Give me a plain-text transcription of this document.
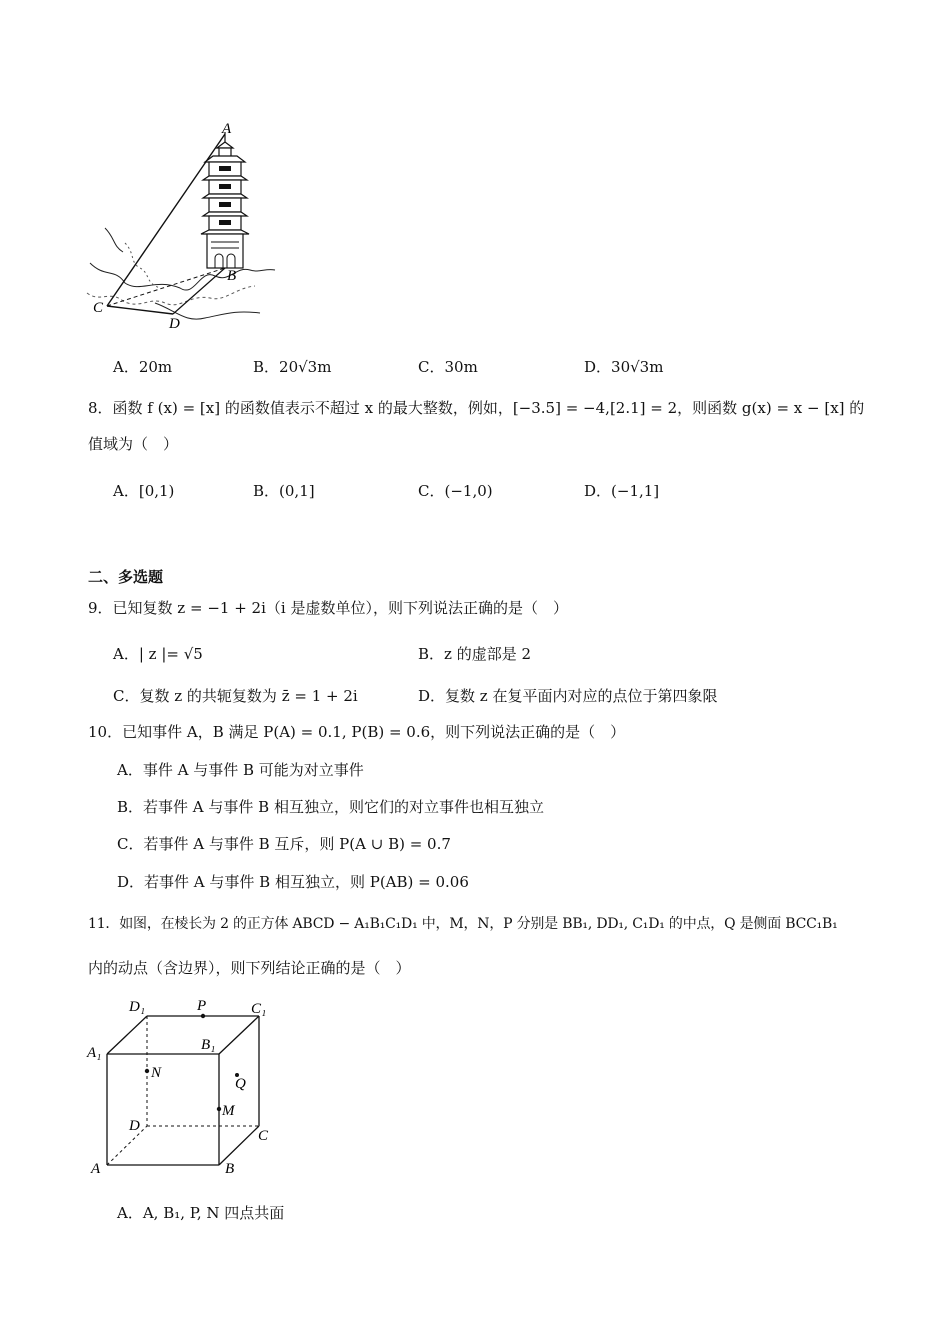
A
B
C
D
A．20m	B．20√3m	C．30m	D．30√3m
8．函数 f (x) = [x] 的函数值表示不超过 x 的最大整数，例如，[−3.5] = −4,[2.1] = 2，则函数 g(x) = x − [x] 的
值域为（　）
A．[0,1)	B．(0,1]	C．(−1,0)	D．(−1,1]
二、多选题
9．已知复数 z = −1 + 2i（i 是虚数单位），则下列说法正确的是（　）
A．| z |= √5	B．z 的虚部是 2
C．复数 z 的共轭复数为 z̄ = 1 + 2i	D．复数 z 在复平面内对应的点位于第四象限
10．已知事件 A，B 满足 P(A) = 0.1, P(B) = 0.6，则下列说法正确的是（　）
A．事件 A 与事件 B 可能为对立事件
B．若事件 A 与事件 B 相互独立，则它们的对立事件也相互独立
C．若事件 A 与事件 B 互斥，则 P(A ∪ B) = 0.7
D．若事件 A 与事件 B 相互独立，则 P(AB) = 0.06
11．如图，在棱长为 2 的正方体 ABCD − A₁B₁C₁D₁ 中，M，N，P 分别是 BB₁, DD₁, C₁D₁ 的中点，Q 是侧面 BCC₁B₁
内的动点（含边界），则下列结论正确的是（　）
D₁	P	C₁
A₁	B₁
N
Q
M
D
C
A	B
A．A, B₁, P, N 四点共面
